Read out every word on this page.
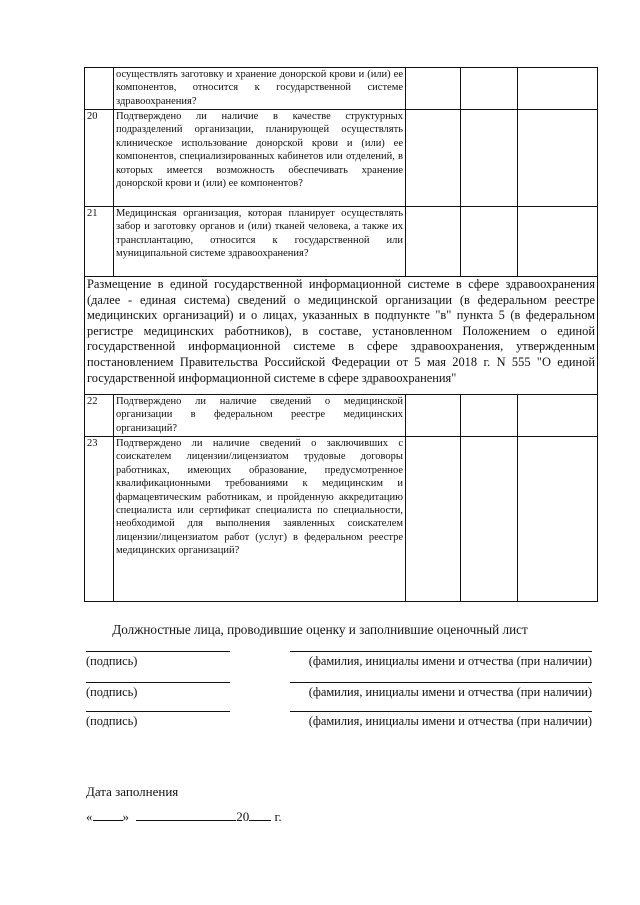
	осуществлять заготовку и хранение донорской крови и (или) ее компонентов, относится к государственной системе здравоохранения?			

20	Подтверждено ли наличие в качестве структурных подразделений организации, планирующей осуществлять клиническое использование донорской крови и (или) ее компонентов, специализированных кабинетов или отделений, в которых имеется возможность обеспечивать хранение донорской крови и (или) ее компонентов?			

21	Медицинская организация, которая планирует осуществлять забор и заготовку органов и (или) тканей человека, а также их трансплантацию, относится к государственной или муниципальной системе здравоохранения?			

Размещение в единой государственной информационной системе в сфере здравоохранения (далее - единая система) сведений о медицинской организации (в федеральном реестре медицинских организаций) и о лицах, указанных в подпункте "в" пункта 5 (в федеральном регистре медицинских работников), в составе, установленном Положением о единой государственной информационной системе в сфере здравоохранения, утвержденным постановлением Правительства Российской Федерации от 5 мая 2018 г. N 555 "О единой государственной информационной системе в сфере здравоохранения"				
22	Подтверждено ли наличие сведений о медицинской организации в федеральном реестре медицинских организаций?			

23	Подтверждено ли наличие сведений о заключивших с соискателем лицензии/лицензиатом трудовые договоры работниках, имеющих образование, предусмотренное квалификационными требованиями к медицинским и фармацевтическим работникам, и пройденную аккредитацию специалиста или сертификат специалиста по специальности, необходимой для выполнения заявленных соискателем лицензии/лицензиатом работ (услуг) в федеральном реестре медицинских организаций?			

Должностные лица, проводившие оценку и заполнившие оценочный лист
(подпись)	(фамилия, инициалы имени и отчества (при наличии)
(подпись)	(фамилия, инициалы имени и отчества (при наличии)
(подпись)	(фамилия, инициалы имени и отчества (при наличии)
Дата заполнения
« »	20 г.
